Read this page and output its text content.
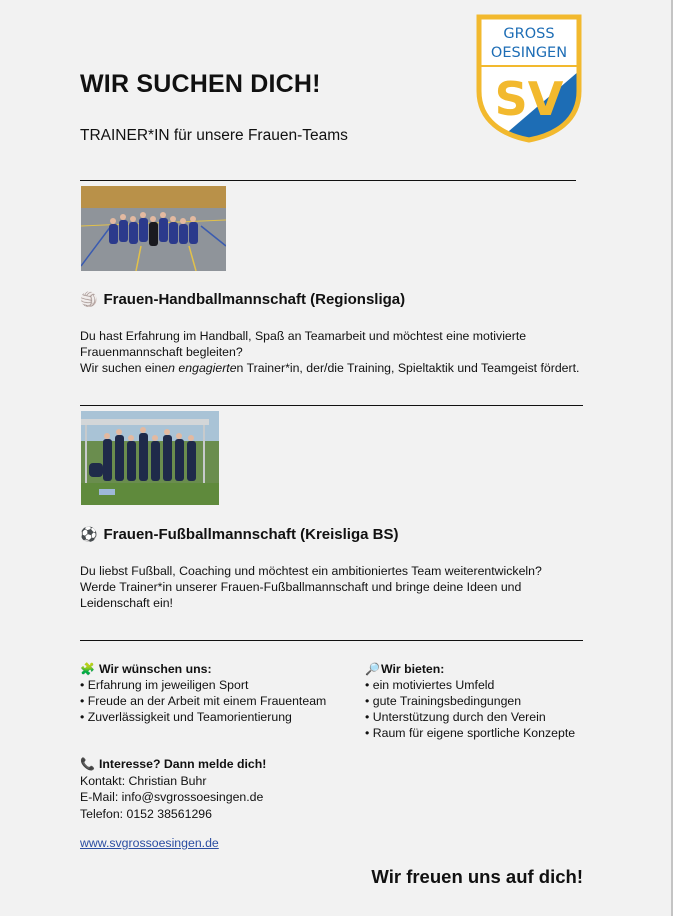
GROSS
OESINGEN
SV
WIR SUCHEN DICH!
TRAINER*IN für unsere Frauen-Teams
🏐 Frauen-Handballmannschaft (Regionsliga)
Du hast Erfahrung im Handball, Spaß an Teamarbeit und möchtest eine motivierte
Frauenmannschaft begleiten?
Wir suchen einen engagierten Trainer*in, der/die Training, Spieltaktik und Teamgeist fördert.
⚽ Frauen-Fußballmannschaft (Kreisliga BS)
Du liebst Fußball, Coaching und möchtest ein ambitioniertes Team weiterentwickeln?
Werde Trainer*in unserer Frauen-Fußballmannschaft und bringe deine Ideen und
Leidenschaft ein!
🧩 Wir wünschen uns:
• Erfahrung im jeweiligen Sport
• Freude an der Arbeit mit einem Frauenteam
• Zuverlässigkeit und Teamorientierung
🔎 Wir bieten:
• ein motiviertes Umfeld
• gute Trainingsbedingungen
• Unterstützung durch den Verein
• Raum für eigene sportliche Konzepte
📞 Interesse? Dann melde dich!
Kontakt: Christian Buhr
E-Mail: info@svgrossoesingen.de
Telefon: 0152 38561296
www.svgrossoesingen.de
Wir freuen uns auf dich!
